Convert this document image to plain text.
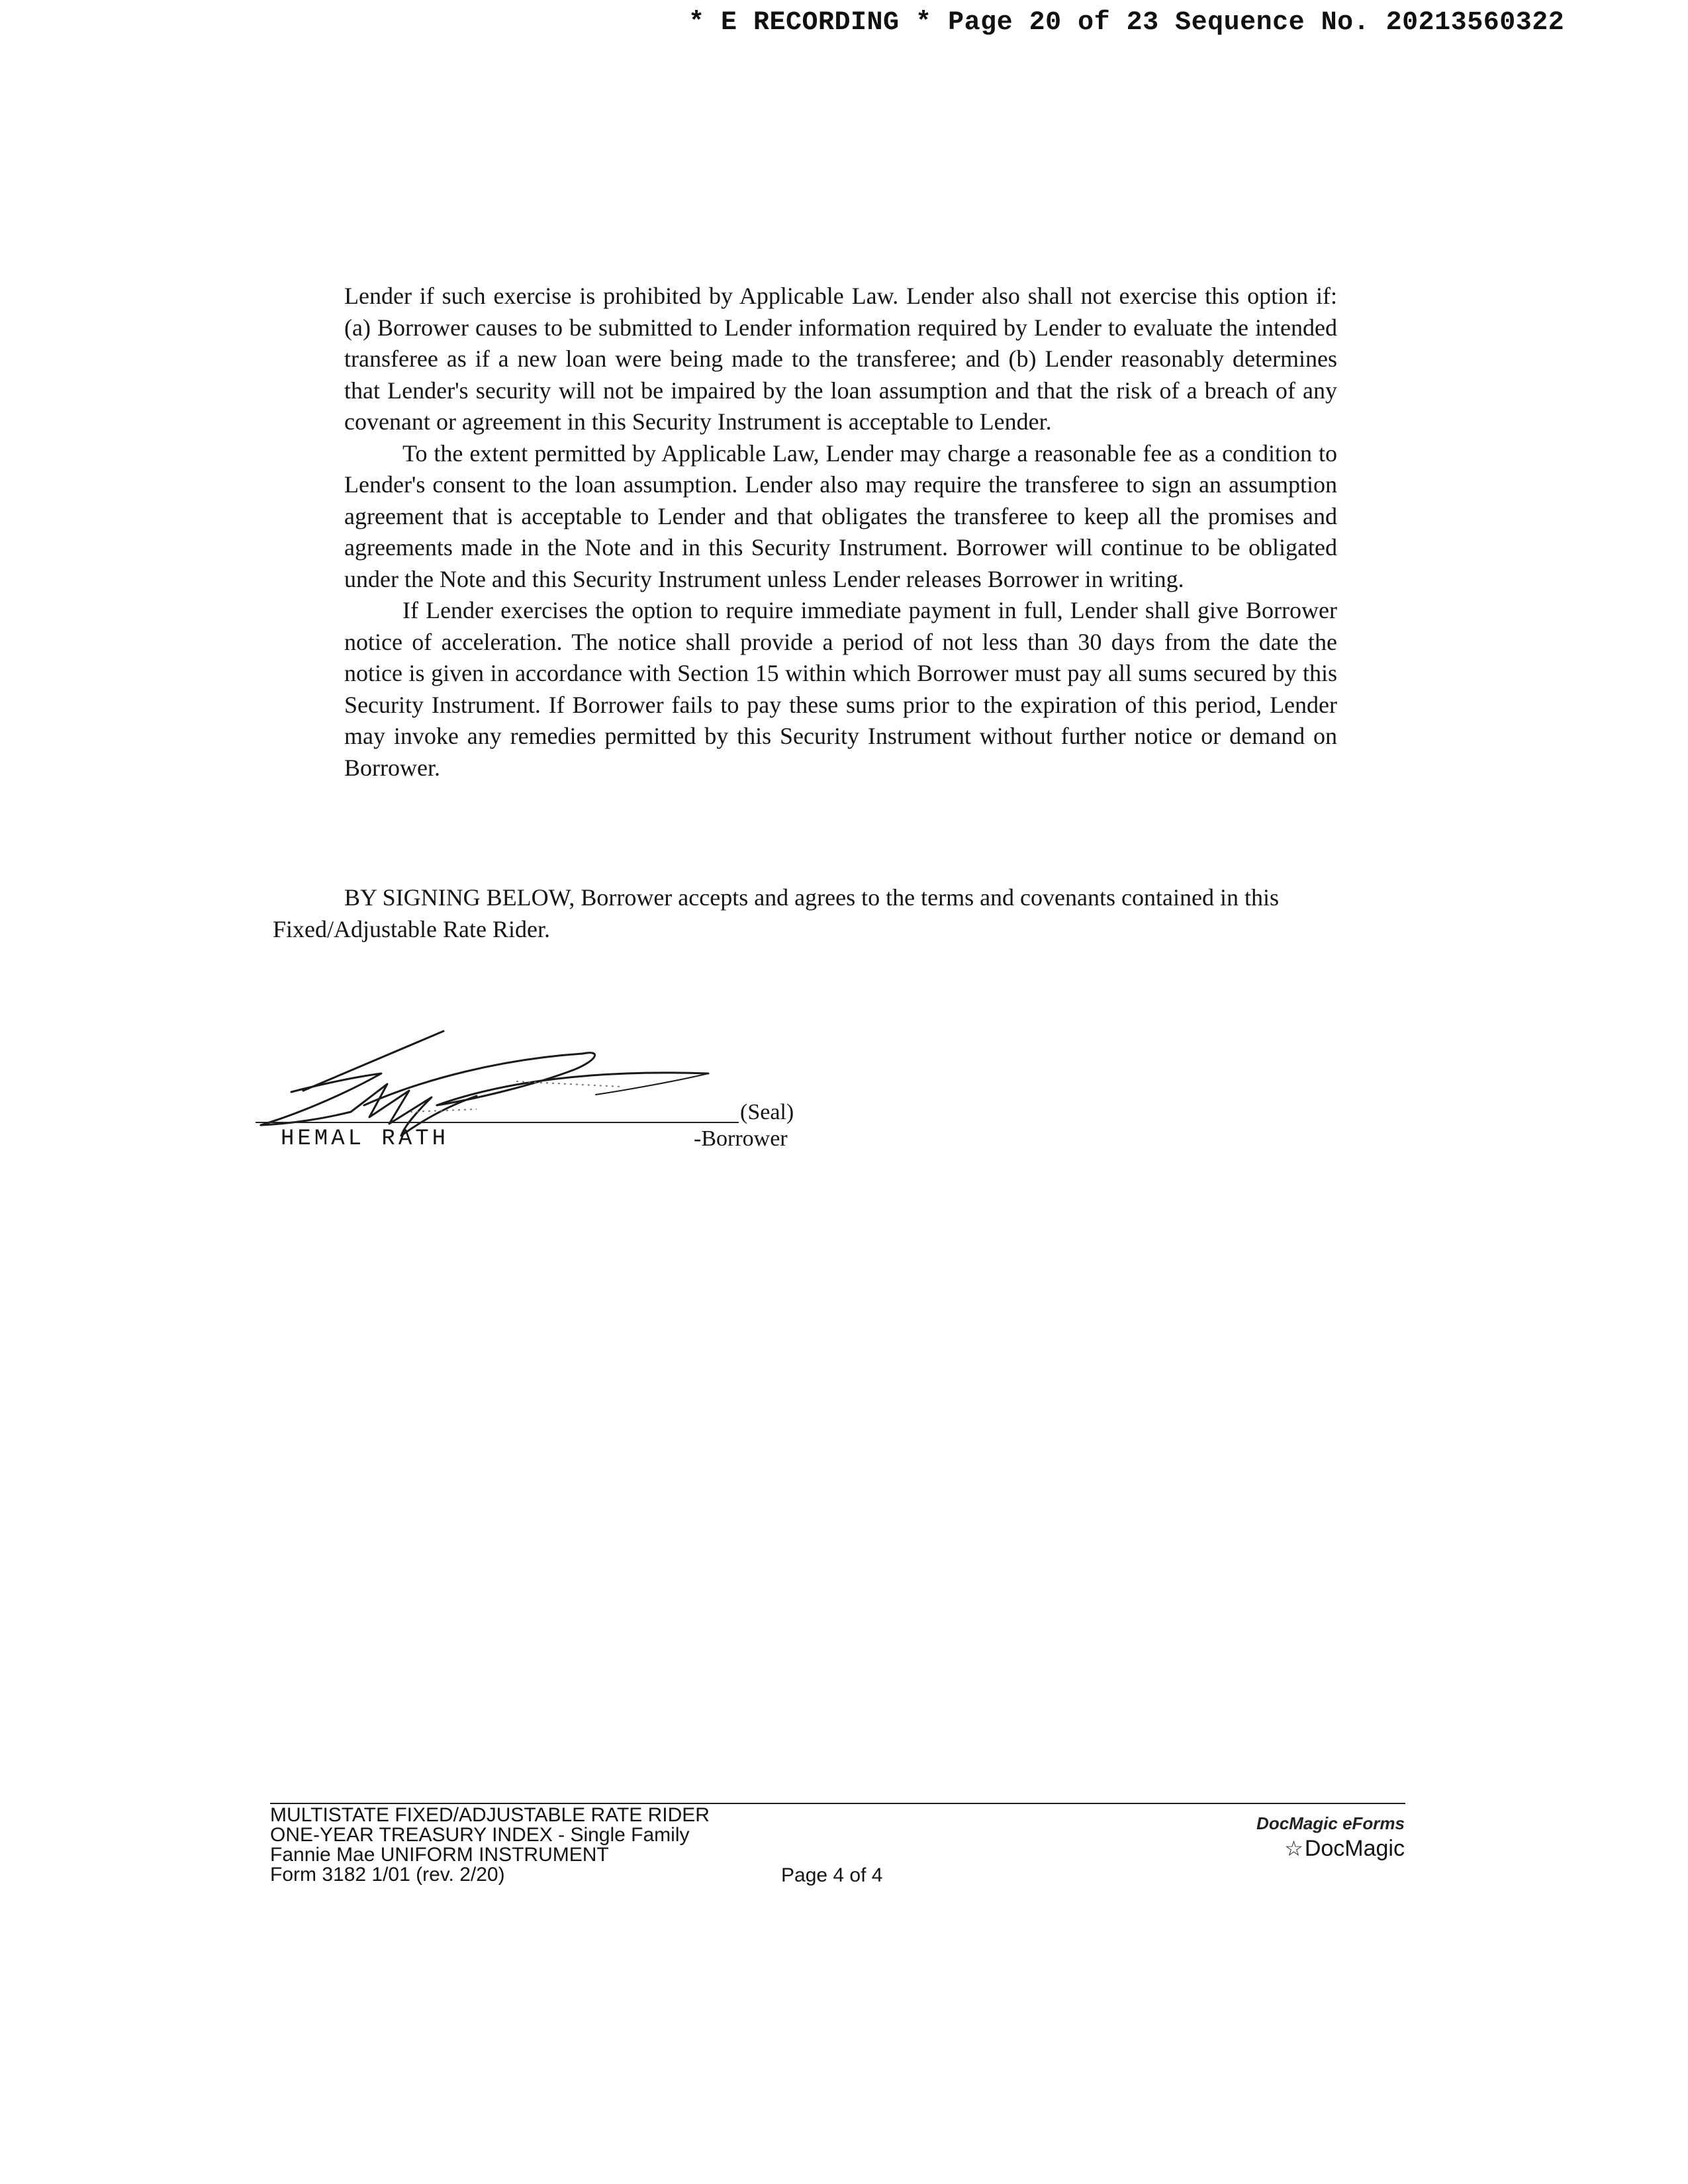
* E RECORDING * Page 20 of 23 Sequence No. 20213560322

Lender if such exercise is prohibited by Applicable Law. Lender also shall not exercise this option if: (a) Borrower causes to be submitted to Lender information required by Lender to evaluate the intended transferee as if a new loan were being made to the transferee; and (b) Lender reasonably determines that Lender's security will not be impaired by the loan assumption and that the risk of a breach of any covenant or agreement in this Security Instrument is acceptable to Lender.

To the extent permitted by Applicable Law, Lender may charge a reasonable fee as a condition to Lender's consent to the loan assumption. Lender also may require the transferee to sign an assumption agreement that is acceptable to Lender and that obligates the transferee to keep all the promises and agreements made in the Note and in this Security Instrument. Borrower will continue to be obligated under the Note and this Security Instrument unless Lender releases Borrower in writing.

If Lender exercises the option to require immediate payment in full, Lender shall give Borrower notice of acceleration. The notice shall provide a period of not less than 30 days from the date the notice is given in accordance with Section 15 within which Borrower must pay all sums secured by this Security Instrument. If Borrower fails to pay these sums prior to the expiration of this period, Lender may invoke any remedies permitted by this Security Instrument without further notice or demand on Borrower.

BY SIGNING BELOW, Borrower accepts and agrees to the terms and covenants contained in this Fixed/Adjustable Rate Rider.

(Seal)
HEMAL RATH	-Borrower
MULTISTATE FIXED/ADJUSTABLE RATE RIDER
ONE-YEAR TREASURY INDEX - Single Family
Fannie Mae UNIFORM INSTRUMENT
Form 3182 1/01 (rev. 2/20)	Page 4 of 4
DocMagic eForms
☆DocMagic
